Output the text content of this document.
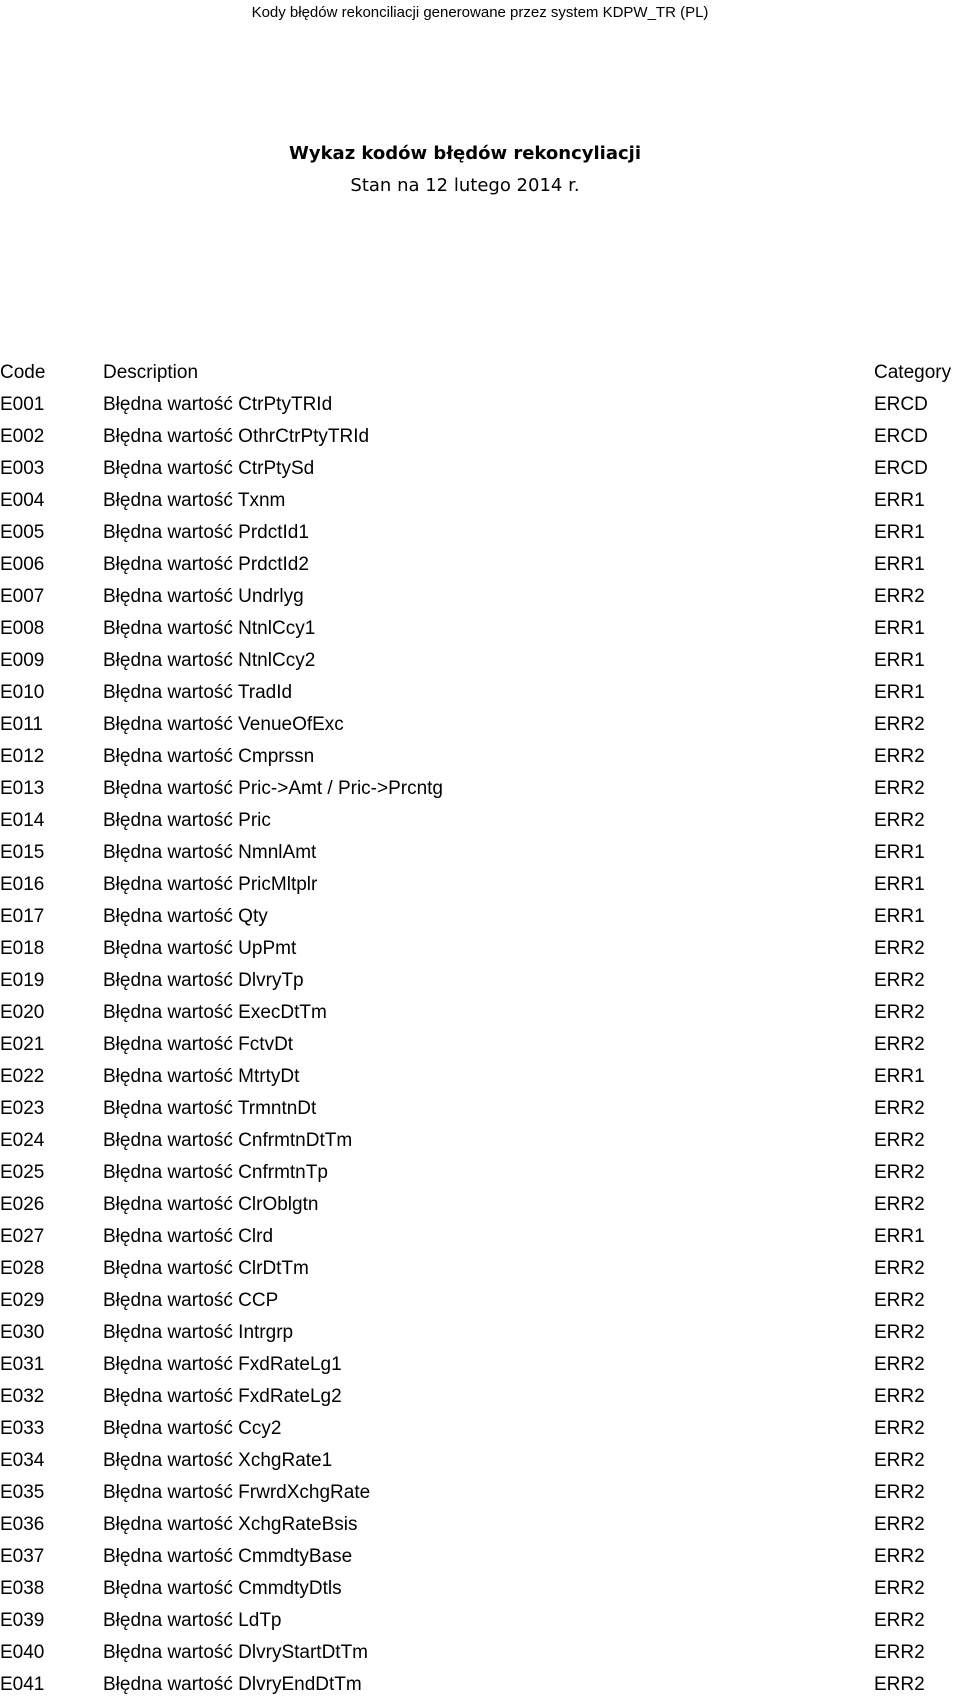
Kody błędów rekonciliacji generowane przez system KDPW_TR (PL)
Wykaz kodów błędów rekoncyliacji
Stan na 12 lutego 2014 r.
Code	Description	Category
E001	Błędna wartość CtrPtyTRId	ERCD
E002	Błędna wartość OthrCtrPtyTRId	ERCD
E003	Błędna wartość CtrPtySd	ERCD
E004	Błędna wartość Txnm	ERR1
E005	Błędna wartość PrdctId1	ERR1
E006	Błędna wartość PrdctId2	ERR1
E007	Błędna wartość Undrlyg	ERR2
E008	Błędna wartość NtnlCcy1	ERR1
E009	Błędna wartość NtnlCcy2	ERR1
E010	Błędna wartość TradId	ERR1
E011	Błędna wartość VenueOfExc	ERR2
E012	Błędna wartość Cmprssn	ERR2
E013	Błędna wartość Pric->Amt / Pric->Prcntg	ERR2
E014	Błędna wartość Pric	ERR2
E015	Błędna wartość NmnlAmt	ERR1
E016	Błędna wartość PricMltplr	ERR1
E017	Błędna wartość Qty	ERR1
E018	Błędna wartość UpPmt	ERR2
E019	Błędna wartość DlvryTp	ERR2
E020	Błędna wartość ExecDtTm	ERR2
E021	Błędna wartość FctvDt	ERR2
E022	Błędna wartość MtrtyDt	ERR1
E023	Błędna wartość TrmntnDt	ERR2
E024	Błędna wartość CnfrmtnDtTm	ERR2
E025	Błędna wartość CnfrmtnTp	ERR2
E026	Błędna wartość ClrOblgtn	ERR2
E027	Błędna wartość Clrd	ERR1
E028	Błędna wartość ClrDtTm	ERR2
E029	Błędna wartość CCP	ERR2
E030	Błędna wartość Intrgrp	ERR2
E031	Błędna wartość FxdRateLg1	ERR2
E032	Błędna wartość FxdRateLg2	ERR2
E033	Błędna wartość Ccy2	ERR2
E034	Błędna wartość XchgRate1	ERR2
E035	Błędna wartość FrwrdXchgRate	ERR2
E036	Błędna wartość XchgRateBsis	ERR2
E037	Błędna wartość CmmdtyBase	ERR2
E038	Błędna wartość CmmdtyDtls	ERR2
E039	Błędna wartość LdTp	ERR2
E040	Błędna wartość DlvryStartDtTm	ERR2
E041	Błędna wartość DlvryEndDtTm	ERR2
